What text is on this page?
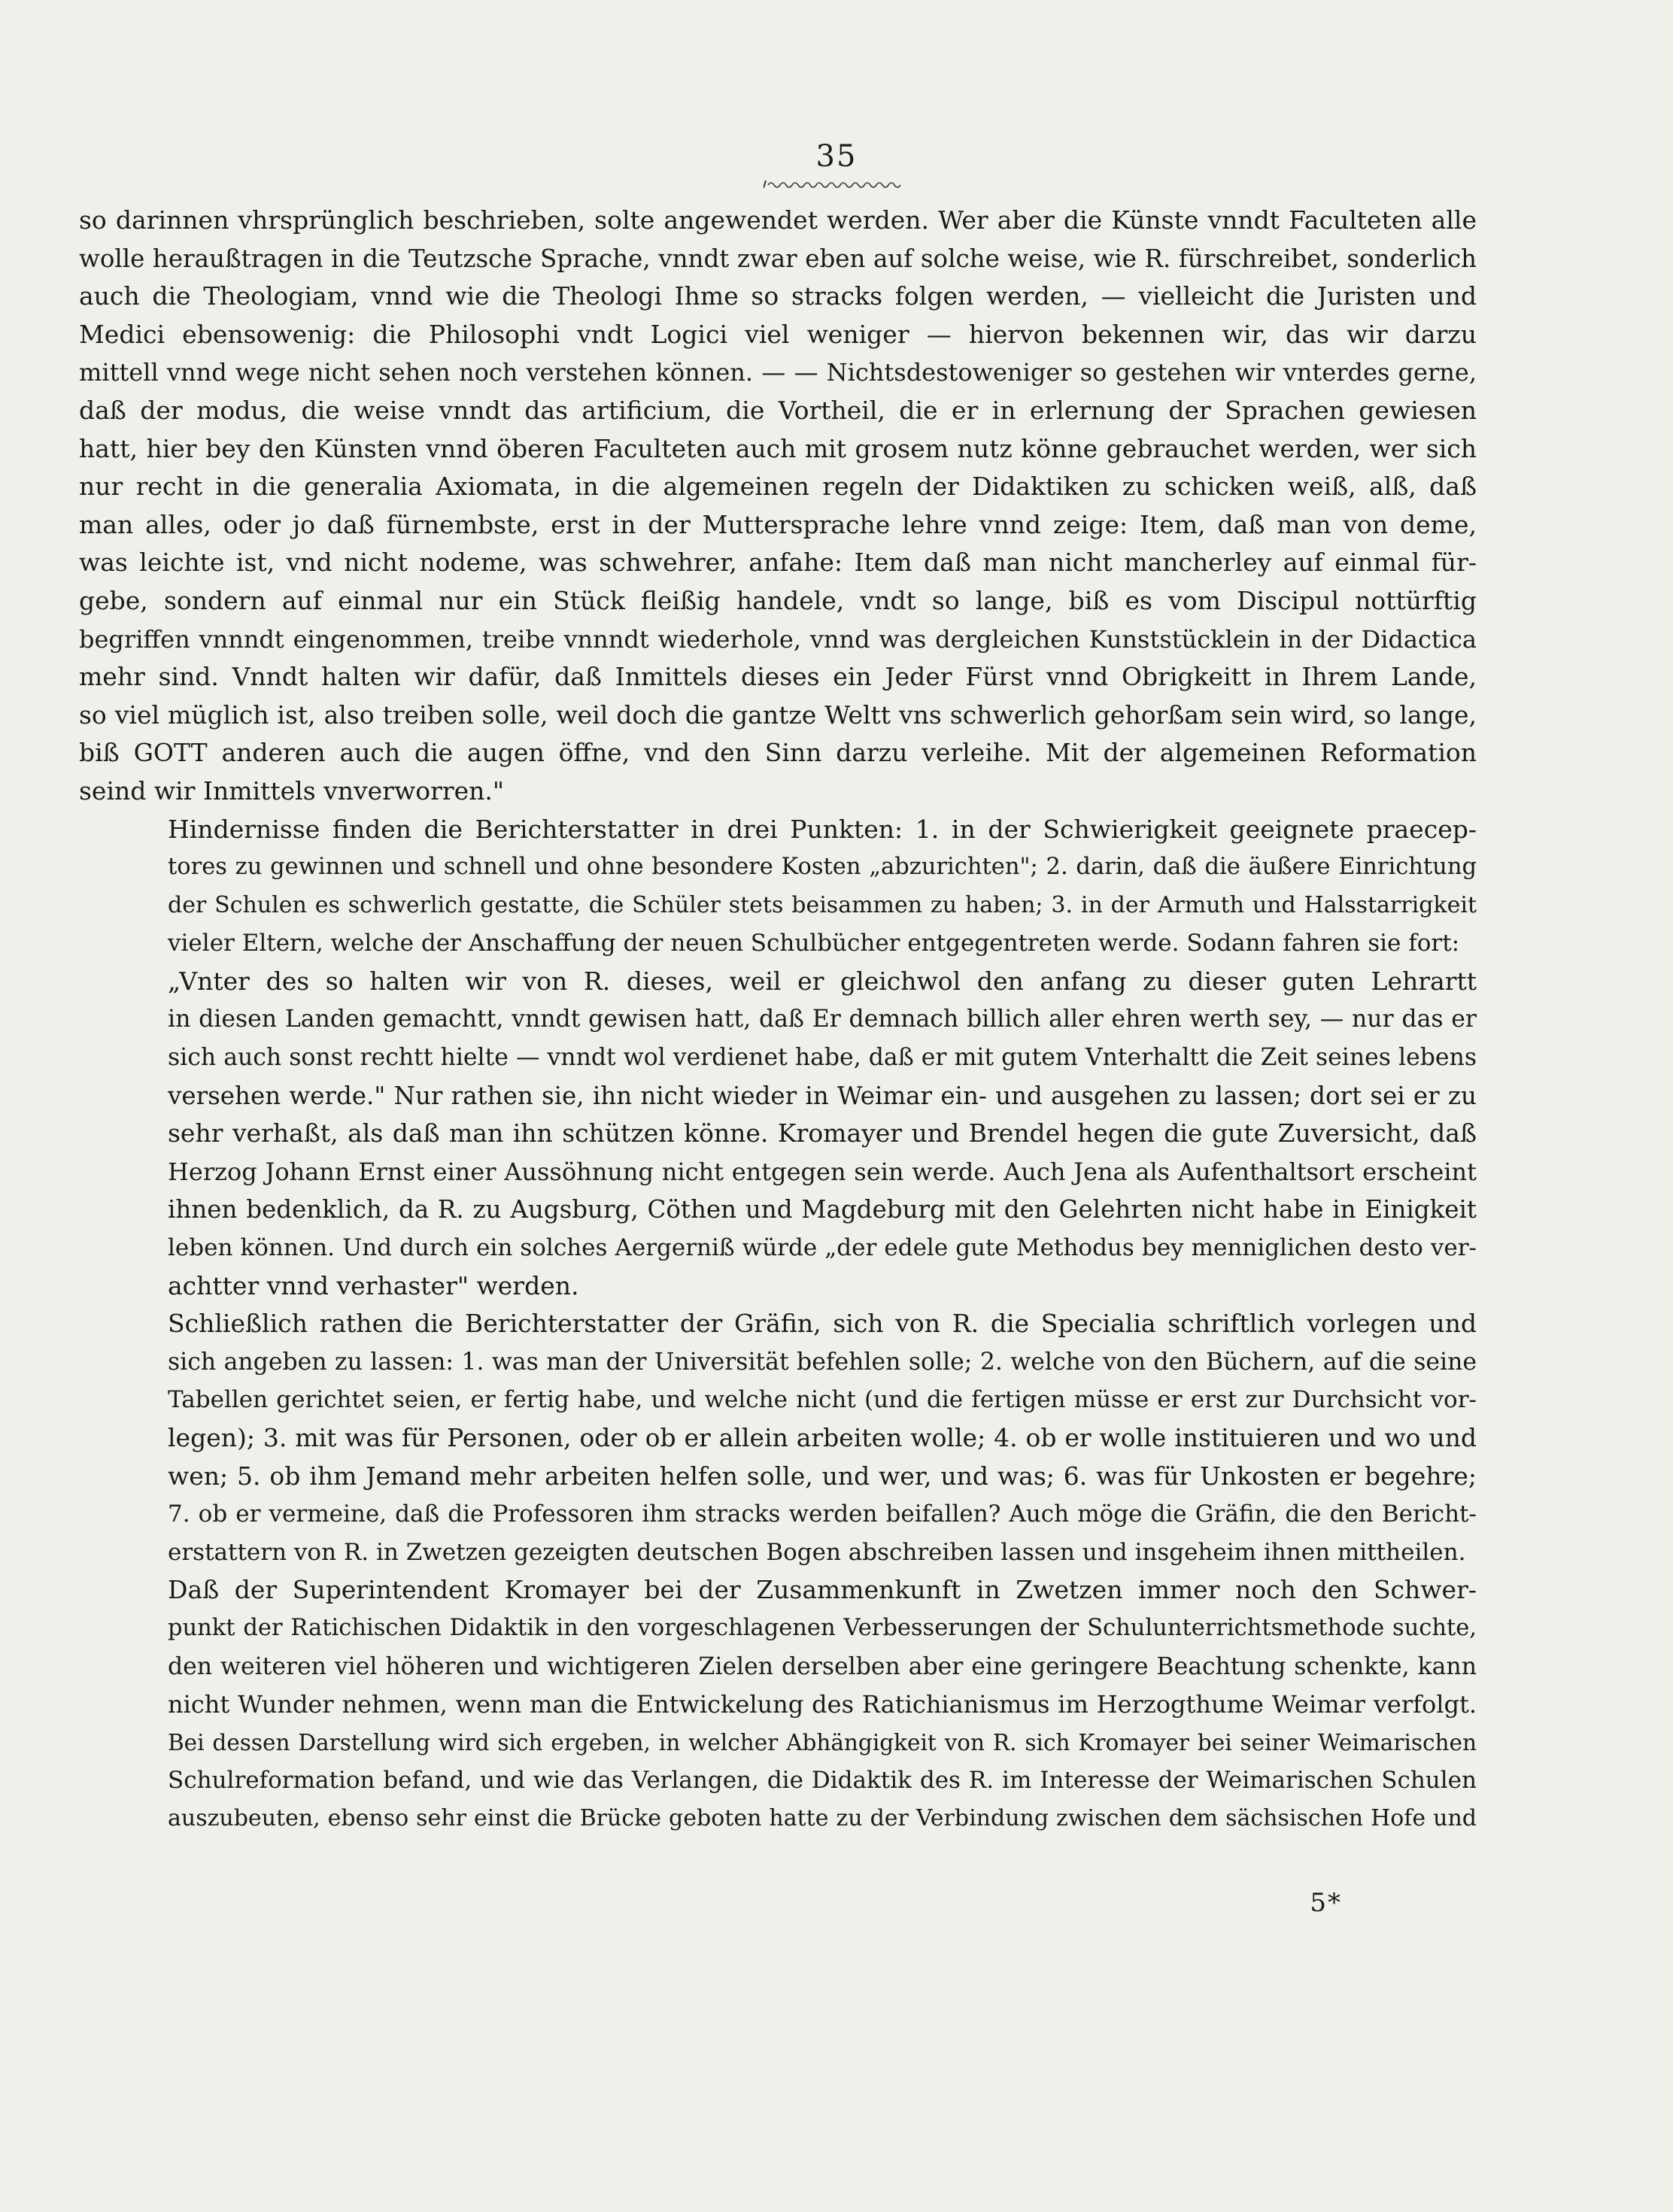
35
so darinnen vhrsprünglich beschrieben, solte angewendet werden. Wer aber die Künste vnndt Faculteten alle
wolle heraußtragen in die Teutzsche Sprache, vnndt zwar eben auf solche weise, wie R. fürschreibet, sonderlich
auch die Theologiam, vnnd wie die Theologi Ihme so stracks folgen werden, — vielleicht die Juristen und
Medici ebensowenig: die Philosophi vndt Logici viel weniger — hiervon bekennen wir, das wir darzu
mittell vnnd wege nicht sehen noch verstehen können. — — Nichtsdestoweniger so gestehen wir vnterdes gerne,
daß der modus, die weise vnndt das artificium, die Vortheil, die er in erlernung der Sprachen gewiesen
hatt, hier bey den Künsten vnnd öberen Faculteten auch mit grosem nutz könne gebrauchet werden, wer sich
nur recht in die generalia Axiomata, in die algemeinen regeln der Didaktiken zu schicken weiß, alß, daß
man alles, oder jo daß fürnembste, erst in der Muttersprache lehre vnnd zeige: Item, daß man von deme,
was leichte ist, vnd nicht nodeme, was schwehrer, anfahe: Item daß man nicht mancherley auf einmal für-
gebe, sondern auf einmal nur ein Stück fleißig handele, vndt so lange, biß es vom Discipul nottürftig
begriffen vnnndt eingenommen, treibe vnnndt wiederhole, vnnd was dergleichen Kunststücklein in der Didactica
mehr sind. Vnndt halten wir dafür, daß Inmittels dieses ein Jeder Fürst vnnd Obrigkeitt in Ihrem Lande,
so viel müglich ist, also treiben solle, weil doch die gantze Weltt vns schwerlich gehorßam sein wird, so lange,
biß GOTT anderen auch die augen öffne, vnd den Sinn darzu verleihe. Mit der algemeinen Reformation
seind wir Inmittels vnverworren."
Hindernisse finden die Berichterstatter in drei Punkten: 1. in der Schwierigkeit geeignete praecep-
tores zu gewinnen und schnell und ohne besondere Kosten „abzurichten"; 2. darin, daß die äußere Einrichtung
der Schulen es schwerlich gestatte, die Schüler stets beisammen zu haben; 3. in der Armuth und Halsstarrigkeit
vieler Eltern, welche der Anschaffung der neuen Schulbücher entgegentreten werde. Sodann fahren sie fort:
„Vnter des so halten wir von R. dieses, weil er gleichwol den anfang zu dieser guten Lehrartt
in diesen Landen gemachtt, vnndt gewisen hatt, daß Er demnach billich aller ehren werth sey, — nur das er
sich auch sonst rechtt hielte — vnndt wol verdienet habe, daß er mit gutem Vnterhaltt die Zeit seines lebens
versehen werde." Nur rathen sie, ihn nicht wieder in Weimar ein- und ausgehen zu lassen; dort sei er zu
sehr verhaßt, als daß man ihn schützen könne. Kromayer und Brendel hegen die gute Zuversicht, daß
Herzog Johann Ernst einer Aussöhnung nicht entgegen sein werde. Auch Jena als Aufenthaltsort erscheint
ihnen bedenklich, da R. zu Augsburg, Cöthen und Magdeburg mit den Gelehrten nicht habe in Einigkeit
leben können. Und durch ein solches Aergerniß würde „der edele gute Methodus bey menniglichen desto ver-
achtter vnnd verhaster" werden.
Schließlich rathen die Berichterstatter der Gräfin, sich von R. die Specialia schriftlich vorlegen und
sich angeben zu lassen: 1. was man der Universität befehlen solle; 2. welche von den Büchern, auf die seine
Tabellen gerichtet seien, er fertig habe, und welche nicht (und die fertigen müsse er erst zur Durchsicht vor-
legen); 3. mit was für Personen, oder ob er allein arbeiten wolle; 4. ob er wolle instituieren und wo und
wen; 5. ob ihm Jemand mehr arbeiten helfen solle, und wer, und was; 6. was für Unkosten er begehre;
7. ob er vermeine, daß die Professoren ihm stracks werden beifallen? Auch möge die Gräfin, die den Bericht-
erstattern von R. in Zwetzen gezeigten deutschen Bogen abschreiben lassen und insgeheim ihnen mittheilen.
Daß der Superintendent Kromayer bei der Zusammenkunft in Zwetzen immer noch den Schwer-
punkt der Ratichischen Didaktik in den vorgeschlagenen Verbesserungen der Schulunterrichtsmethode suchte,
den weiteren viel höheren und wichtigeren Zielen derselben aber eine geringere Beachtung schenkte, kann
nicht Wunder nehmen, wenn man die Entwickelung des Ratichianismus im Herzogthume Weimar verfolgt.
Bei dessen Darstellung wird sich ergeben, in welcher Abhängigkeit von R. sich Kromayer bei seiner Weimarischen
Schulreformation befand, und wie das Verlangen, die Didaktik des R. im Interesse der Weimarischen Schulen
auszubeuten, ebenso sehr einst die Brücke geboten hatte zu der Verbindung zwischen dem sächsischen Hofe und
5*
